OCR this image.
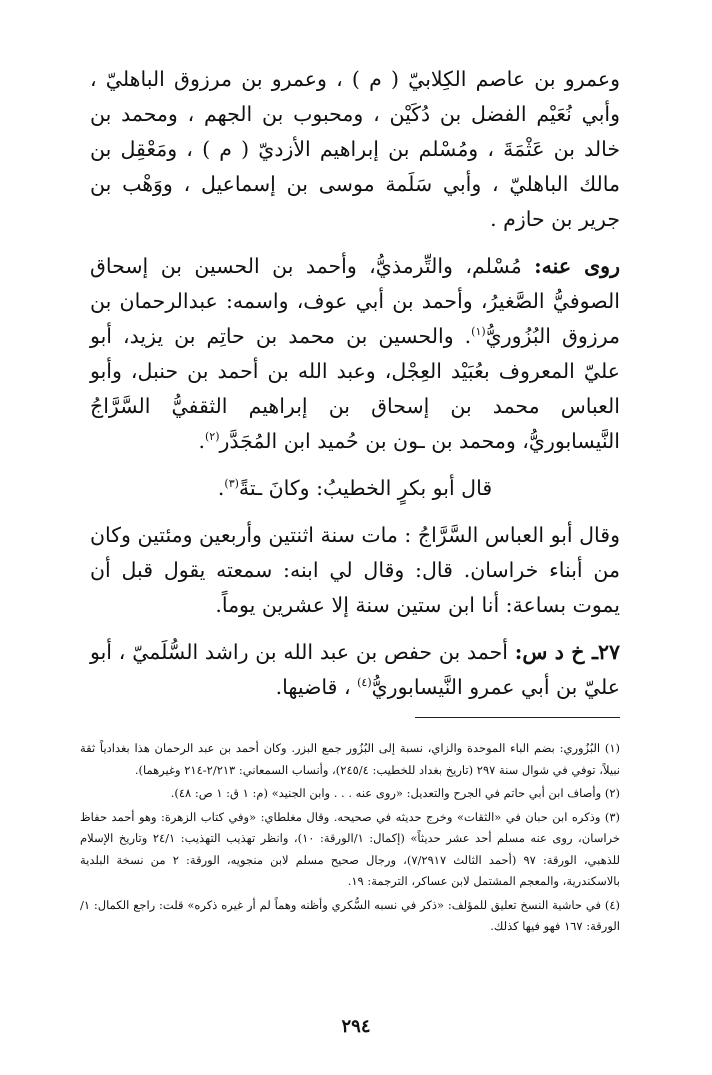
وعمرو بن عاصم الكِلابيّ ( م ) ، وعمرو بن مرزوق الباهليّ ، وأبي نُعَيْم الفضل بن دُكَيْن ، ومحبوب بن الجهم ، ومحمد بن خالد بن عَثْمَةَ ، ومُسْلم بن إبراهيم الأزديّ ( م ) ، ومَعْقِل بن مالك الباهليّ ، وأبي سَلَمة موسى بن إسماعيل ، ووَهْب بن جرير بن حازم .

روى عنه: مُسْلم، والتِّرمذيُّ، وأحمد بن الحسين بن إسحاق الصوفيُّ الصَّغيرُ، وأحمد بن أبي عوف، واسمه: عبدالرحمان بن مرزوق البُزُوريُّ$^{(١)}$. والحسين بن محمد بن حاتِم بن يزيد، أبو عليّ المعروف بعُبَيْد العِجْل، وعبد الله بن أحمد بن حنبل، وأبو العباس محمد بن إسحاق بن إبراهيم الثقفيُّ السَّرَّاجُ النَّيسابوريُّ، ومحمد بن ـون بن حُميد ابن المُجَدَّر$^{(٢)}$.

قال أبو بكرٍ الخطيبُ: وكانَ ـتةً$^{(٣)}$.

وقال أبو العباس السَّرَّاجُ : مات سنة اثنتين وأربعين ومئتين وكان من أبناء خراسان. قال: وقال لي ابنه: سمعته يقول قبل أن يموت بساعة: أنا ابن ستين سنة إلا عشرين يوماً.

٢٧ـ خ د س: أحمد بن حفص بن عبد الله بن راشد السُّلَميّ ، أبو عليّ بن أبي عمرو النَّيسابوريُّ$^{(٤)}$ ، قاضيها.

(١) البُزُوري: بضم الباء الموحدة والزاي، نسبة إلى البُزُور جمع البزر. وكان أحمد بن عبد الرحمان هذا بغدادياً ثقة نبيلاً، توفي في شوال سنة ٢٩٧ (تاريخ بغداد للخطيب: ٢٤٥/٤)، وأنساب السمعاني: ٢/٢١٣-٢١٤ وغيرهما).

(٢) وأصاف ابن أبي حاتم في الجرح والتعديل: «روى عنه . . . وابن الجنيد» (م: ١ ق: ١ ص: ٤٨).

(٣) وذكره ابن حبان في «الثقات» وخرج حديثه في صحيحه. وقال مغلطاي: «وفي كتاب الزهرة: وهو أحمد حفاظ خراسان، روى عنه مسلم أحد عشر حديثاً» (إكمال: ١/الورقة: ١٠)، وانظر تهذيب التهذيب: ٢٤/١ وتاريخ الإسلام للذهبي، الورقة: ٩٧ (أحمد الثالث ٧/٢٩١٧)، ورجال صحيح مسلم لابن منجويه، الورقة: ٢ من نسخة البلدية بالاسكندرية، والمعجم المشتمل لابن عساكر، الترجمة: ١٩.

(٤) في حاشية النسخ تعليق للمؤلف: «ذكر في نسبه السُّكري وأظنه وهماً لم أر غيره ذكره» قلت: راجع الكمال: ١/الورقة: ١٦٧ فهو فيها كذلك.

٢٩٤
